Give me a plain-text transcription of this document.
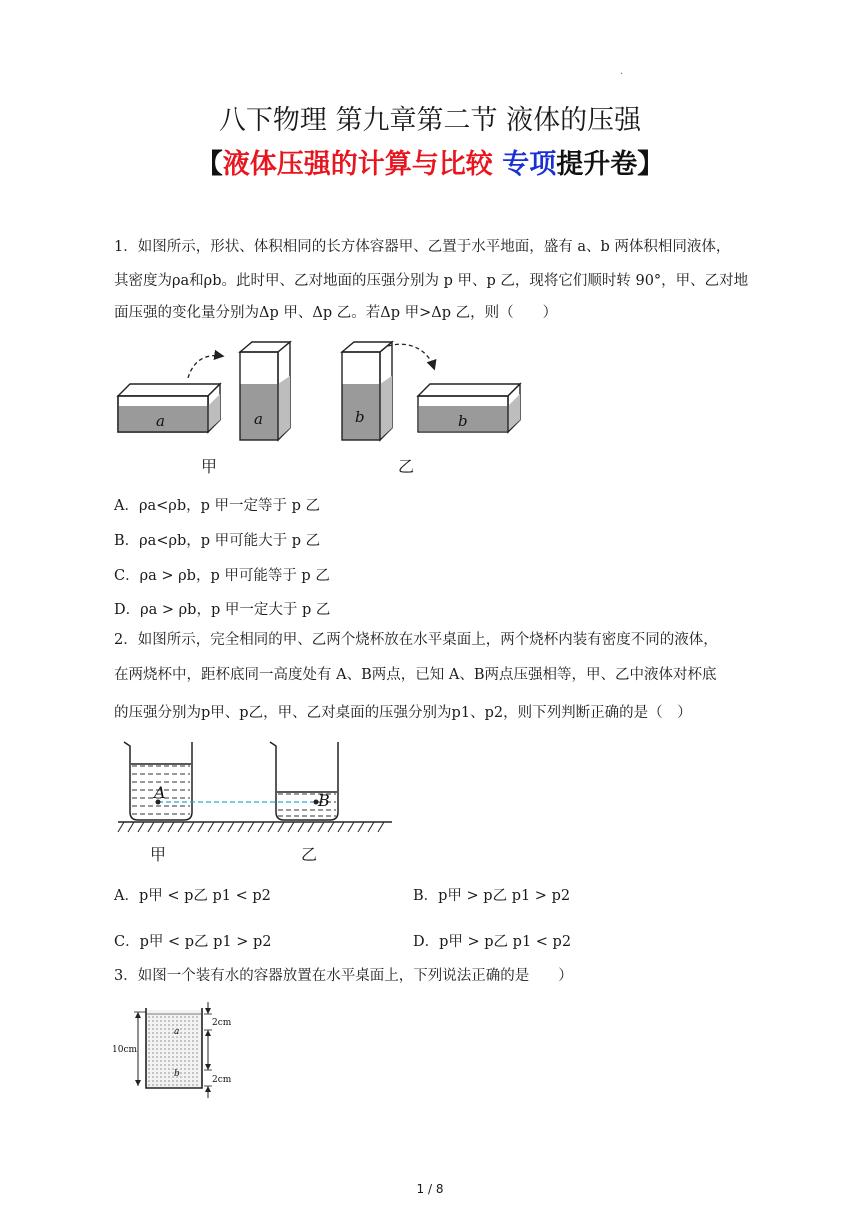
.
八下物理 第九章第二节 液体的压强
【液体压强的计算与比较 专项提升卷】
1．如图所示，形状、体积相同的长方体容器甲、乙置于水平地面，盛有 a、b 两体积相同液体，
其密度为ρa和ρb。此时甲、乙对地面的压强分别为 p 甲、p 乙，现将它们顺时转 90°，甲、乙对地
面压强的变化量分别为Δp 甲、Δp 乙。若Δp 甲>Δp 乙，则（　　）
a	a	b	b
甲	乙
A．ρa<ρb，p 甲一定等于 p 乙
B．ρa<ρb，p 甲可能大于 p 乙
C．ρa > ρb，p 甲可能等于 p 乙
D．ρa > ρb，p 甲一定大于 p 乙
2．如图所示，完全相同的甲、乙两个烧杯放在水平桌面上，两个烧杯内装有密度不同的液体，
在两烧杯中，距杯底同一高度处有 A、B两点，已知 A、B两点压强相等，甲、乙中液体对杯底
的压强分别为p甲、p乙，甲、乙对桌面的压强分别为p1、p2，则下列判断正确的是（　）
A	B
甲	乙
A．p甲 < p乙 p1 < p2	B．p甲 > p乙 p1 > p2
C．p甲 < p乙 p1 > p2	D．p甲 > p乙 p1 < p2
3．如图一个装有水的容器放置在水平桌面上，下列说法正确的是　　）
10cm
2cm
2cm
a
b
1 / 8
